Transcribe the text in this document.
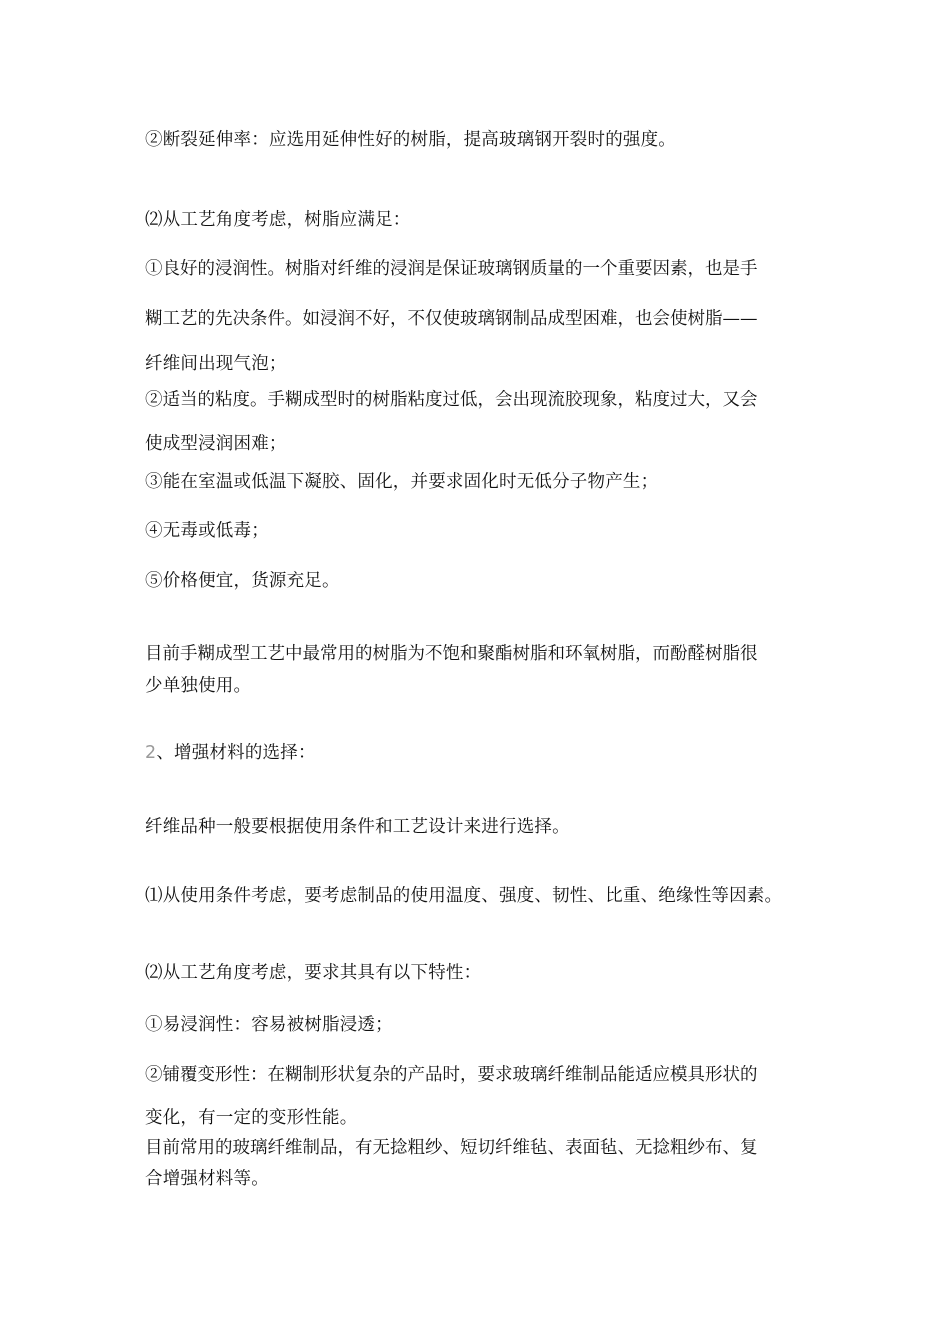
②断裂延伸率：应选用延伸性好的树脂，提高玻璃钢开裂时的强度。

⑵从工艺角度考虑，树脂应满足：

①良好的浸润性。树脂对纤维的浸润是保证玻璃钢质量的一个重要因素，也是手

糊工艺的先决条件。如浸润不好，不仅使玻璃钢制品成型困难，也会使树脂——

纤维间出现气泡；

②适当的粘度。手糊成型时的树脂粘度过低，会出现流胶现象，粘度过大，又会

使成型浸润困难；

③能在室温或低温下凝胶、固化，并要求固化时无低分子物产生；

④无毒或低毒；

⑤价格便宜，货源充足。

目前手糊成型工艺中最常用的树脂为不饱和聚酯树脂和环氧树脂，而酚醛树脂很

少单独使用。

2、增强材料的选择：

纤维品种一般要根据使用条件和工艺设计来进行选择。

⑴从使用条件考虑，要考虑制品的使用温度、强度、韧性、比重、绝缘性等因素。

⑵从工艺角度考虑，要求其具有以下特性：

①易浸润性：容易被树脂浸透；

②铺覆变形性：在糊制形状复杂的产品时，要求玻璃纤维制品能适应模具形状的

变化，有一定的变形性能。

目前常用的玻璃纤维制品，有无捻粗纱、短切纤维毡、表面毡、无捻粗纱布、复

合增强材料等。
